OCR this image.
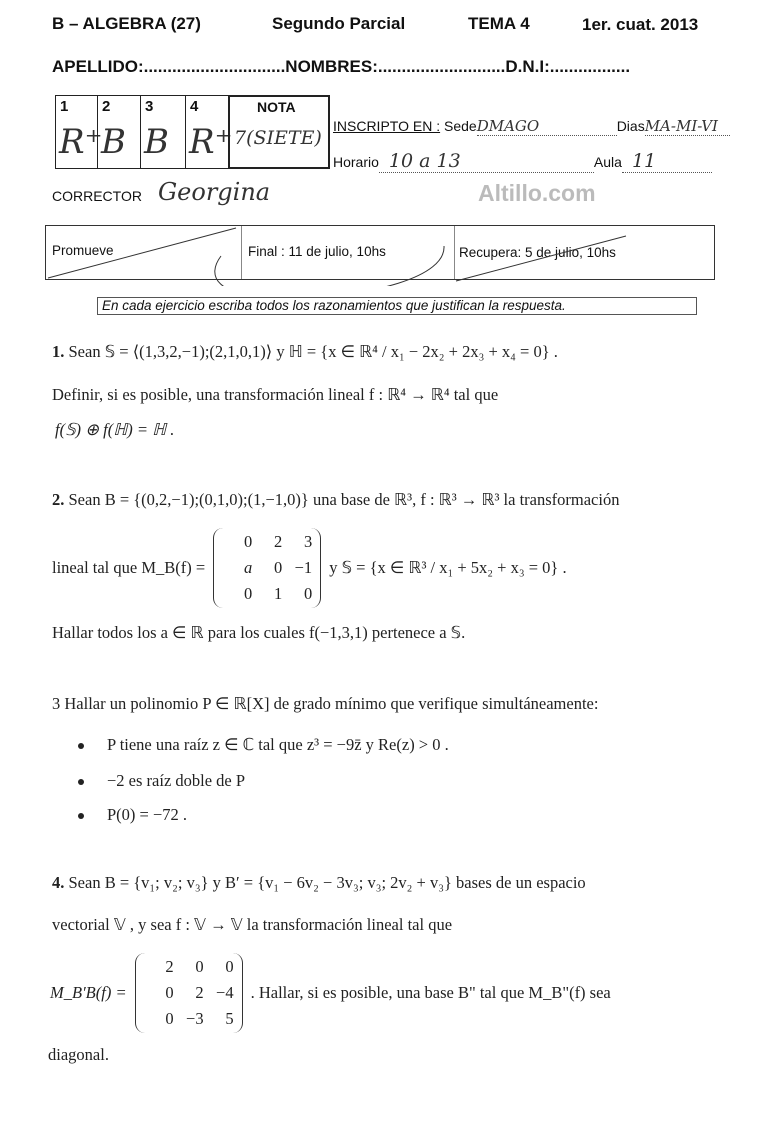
B – ALGEBRA (27)	Segundo Parcial	TEMA 4	1er. cuat. 2013
APELLIDO:..............................NOMBRES:...........................D.N.I:.................
1
R⁺
2
B
3
B
4
R⁺
NOTA
7(SIETE)
INSCRIPTO EN : SedeDMAGO	DiasMA-MI-VI
Horario 10 a 13	Aula 11
CORRECTOR Georgina	Altillo.com
Promueve	Final : 11 de julio, 10hs	Recupera: 5 de julio, 10hs
En cada ejercicio escriba todos los razonamientos que justifican la respuesta.
1. Sean 𝕊 = ⟨(1,3,2,−1);(2,1,0,1)⟩ y ℍ = {x ∈ ℝ⁴ / x₁ − 2x₂ + 2x₃ + x₄ = 0} .
Definir, si es posible, una transformación lineal f : ℝ⁴ → ℝ⁴ tal que
f(𝕊) ⊕ f(ℍ) = ℍ .
2. Sean B = {(0,2,−1);(0,1,0);(1,−1,0)} una base de ℝ³, f : ℝ³ → ℝ³ la transformación
lineal tal que M_B(f) =
0	2	3
a	0 −1
0	1	0
y 𝕊 = {x ∈ ℝ³ / x₁ + 5x₂ + x₃ = 0} .
Hallar todos los a ∈ ℝ para los cuales f(−1,3,1) pertenece a 𝕊.
3 Hallar un polinomio P ∈ ℝ[X] de grado mínimo que verifique simultáneamente:
P tiene una raíz z ∈ ℂ tal que z³ = −9z̄ y Re(z) > 0 .
−2 es raíz doble de P
P(0) = −72 .
4. Sean B = {v₁; v₂; v₃} y B′ = {v₁ − 6v₂ − 3v₃; v₃; 2v₂ + v₃} bases de un espacio
vectorial 𝕍 , y sea f : 𝕍 → 𝕍 la transformación lineal tal que
M_B′B(f) =
2	0	0
0	2 −4
0 −3	5
. Hallar, si es posible, una base B" tal que M_B"(f) sea
diagonal.
